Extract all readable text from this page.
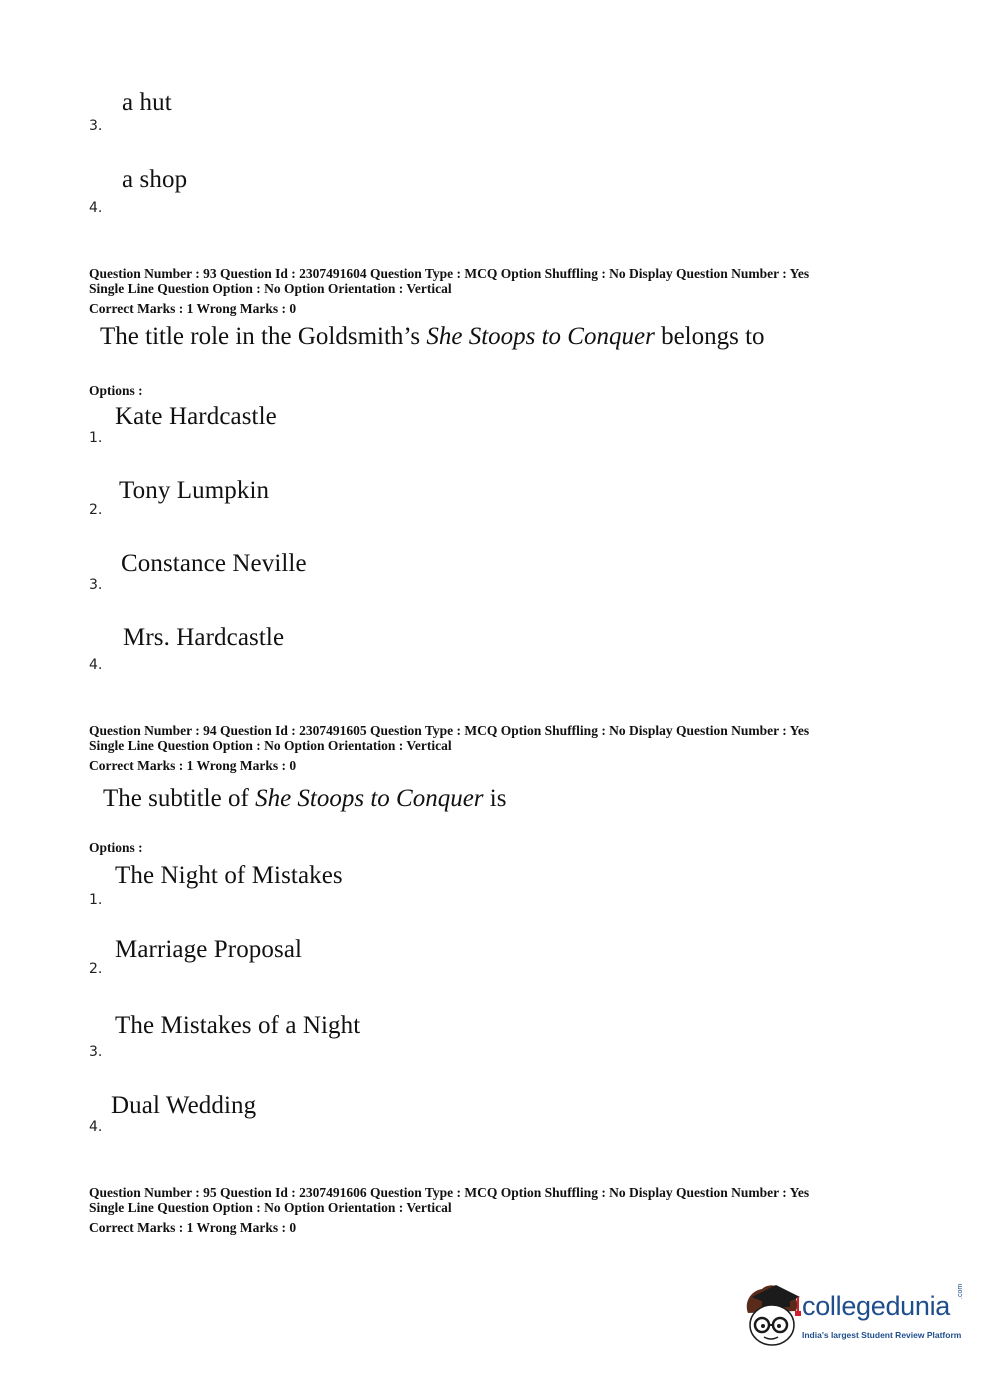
a hut
3.
a shop
4.
Question Number : 93 Question Id : 2307491604 Question Type : MCQ Option Shuffling : No Display Question Number : Yes
Single Line Question Option : No Option Orientation : Vertical
Correct Marks : 1 Wrong Marks : 0
The title role in the Goldsmith’s She Stoops to Conquer belongs to
Options :
Kate Hardcastle
1.
Tony Lumpkin
2.
Constance Neville
3.
Mrs. Hardcastle
4.
Question Number : 94 Question Id : 2307491605 Question Type : MCQ Option Shuffling : No Display Question Number : Yes
Single Line Question Option : No Option Orientation : Vertical
Correct Marks : 1 Wrong Marks : 0
The subtitle of She Stoops to Conquer is
Options :
The Night of Mistakes
1.
Marriage Proposal
2.
The Mistakes of a Night
3.
Dual Wedding
4.
Question Number : 95 Question Id : 2307491606 Question Type : MCQ Option Shuffling : No Display Question Number : Yes
Single Line Question Option : No Option Orientation : Vertical
Correct Marks : 1 Wrong Marks : 0
collegedunia .com
India's largest Student Review Platform
